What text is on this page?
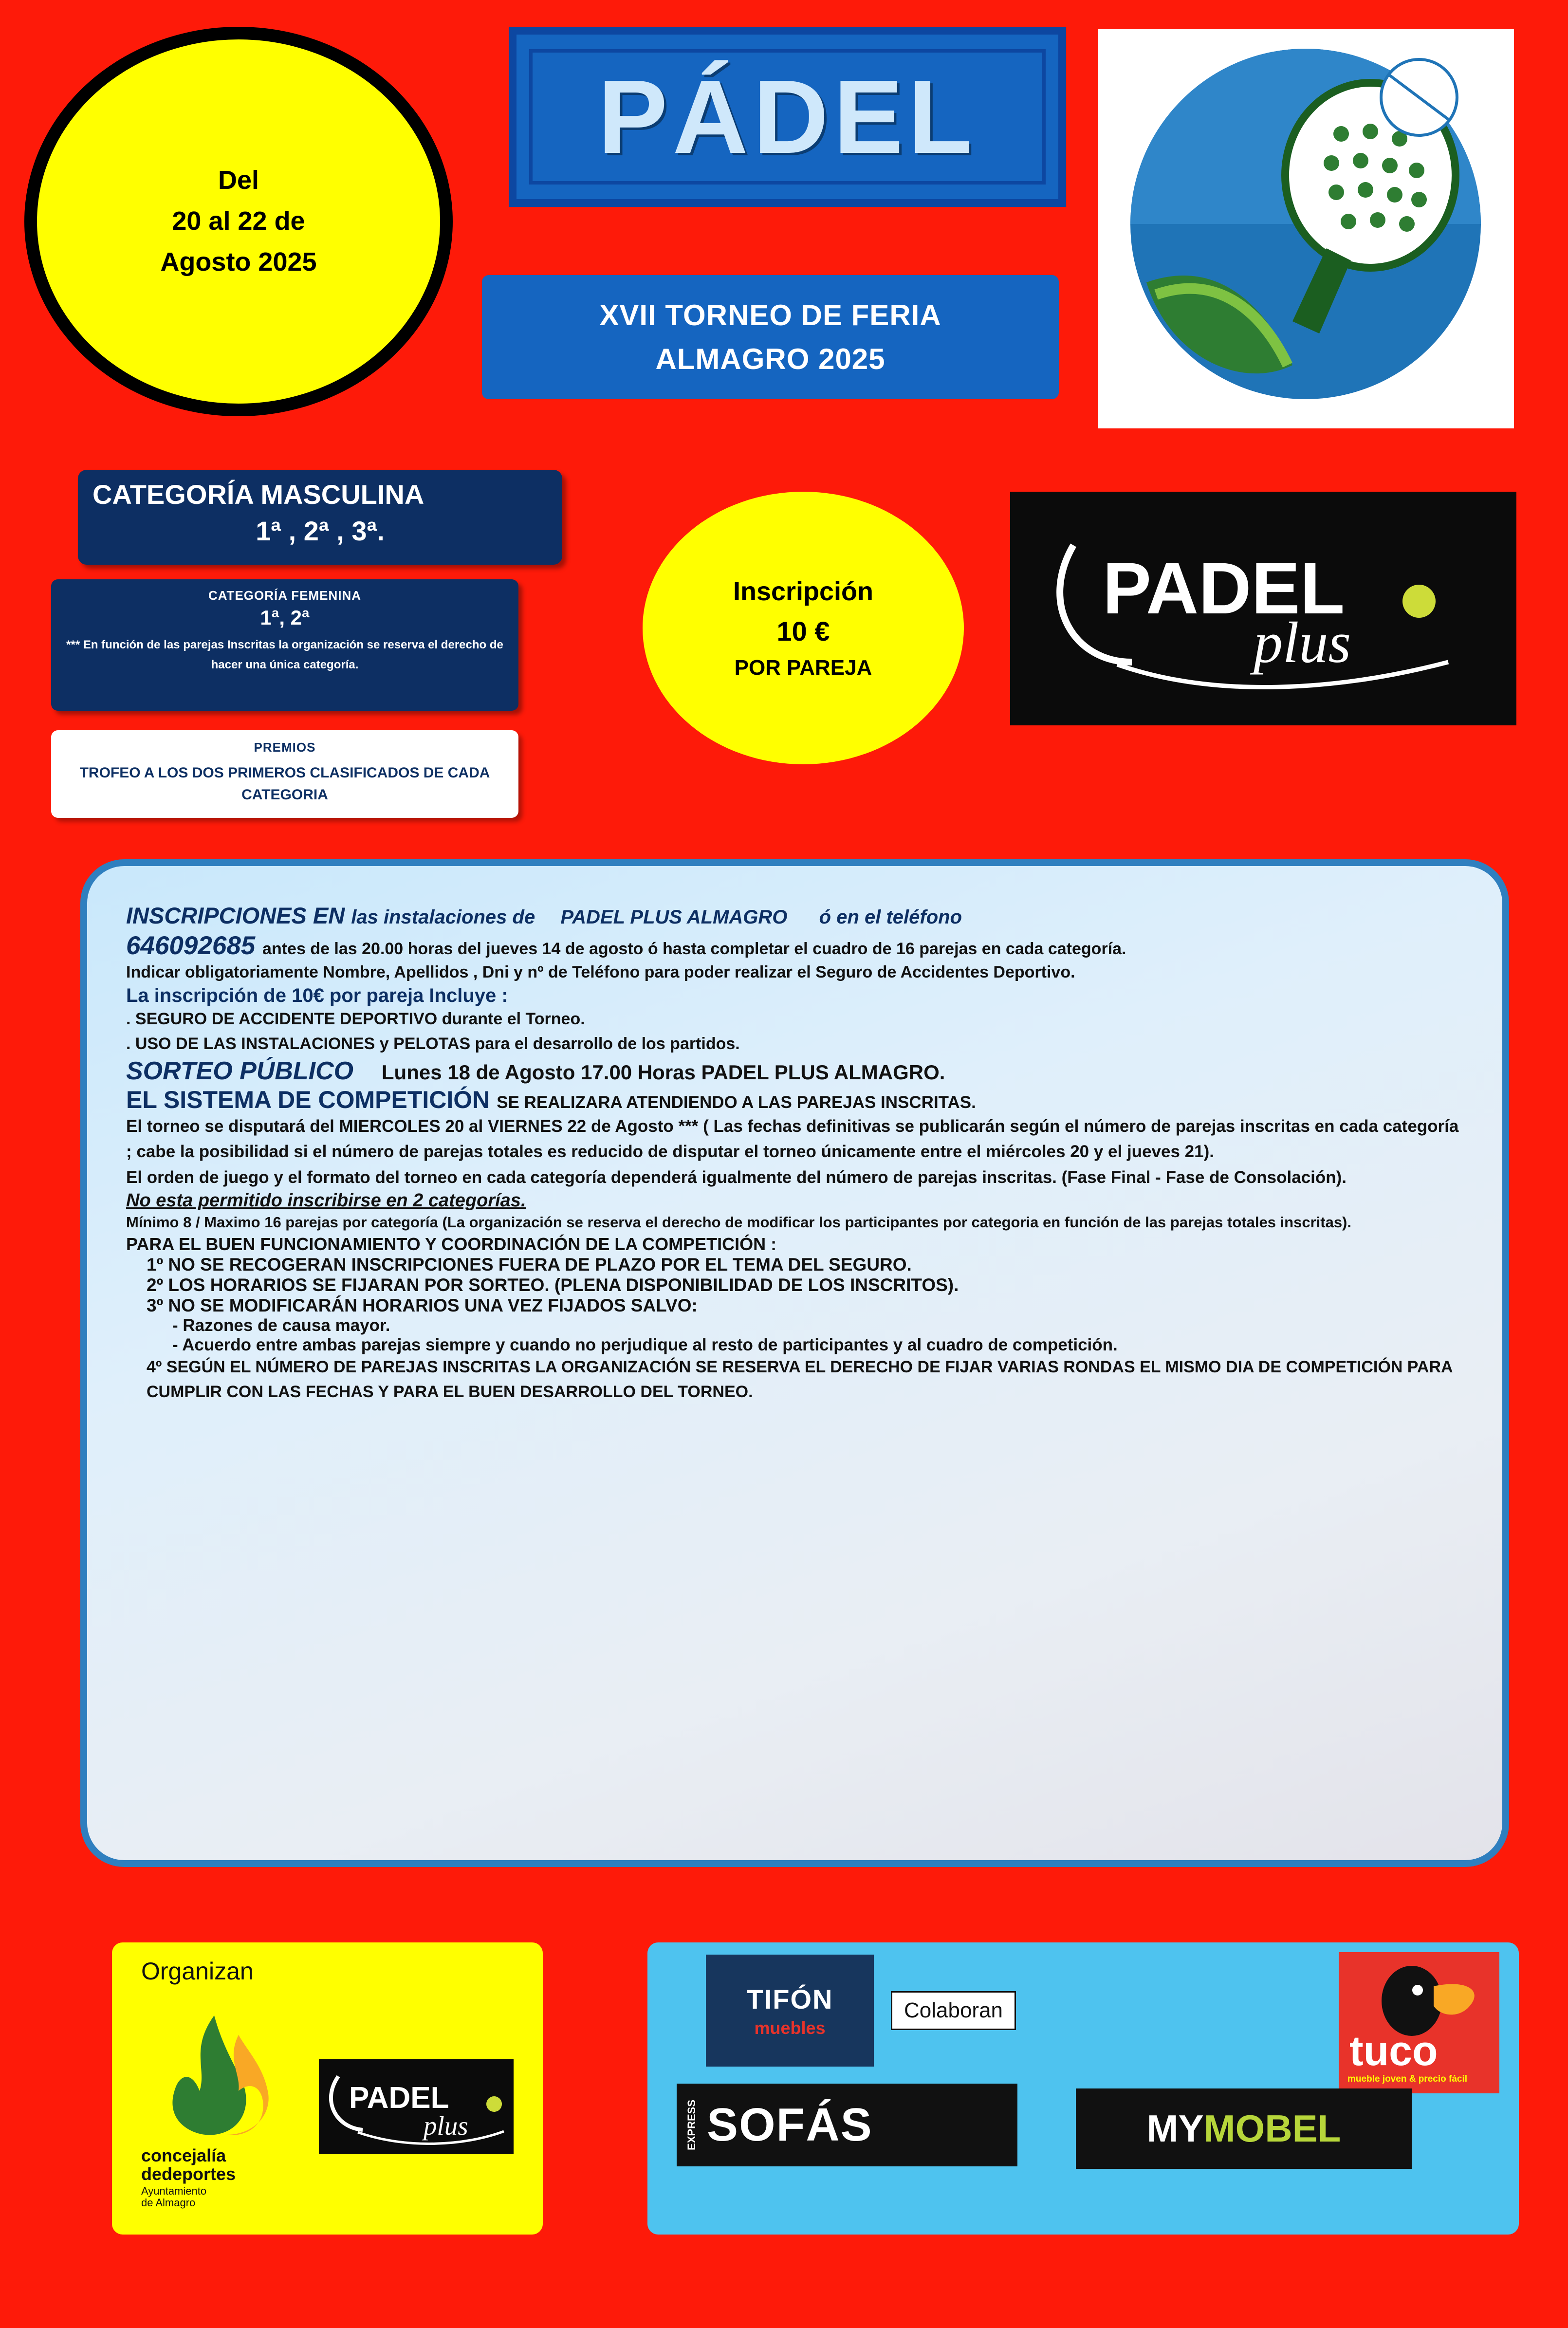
Del
20 al 22 de
Agosto 2025
PÁDEL
XVII TORNEO DE FERIA
ALMAGRO 2025
CATEGORÍA MASCULINA
1ª , 2ª , 3ª.
CATEGORÍA FEMENINA
1ª, 2ª
*** En función de las parejas Inscritas la organización se reserva el derecho de hacer una única categoría.
PREMIOS
TROFEO A LOS DOS PRIMEROS CLASIFICADOS DE CADA CATEGORIA
Inscripción
10 €
POR PAREJA
PADEL
plus

INSCRIPCIONES EN las instalaciones de PADEL PLUS ALMAGRO ó en el teléfono

646092685 antes de las 20.00 horas del jueves 14 de agosto ó hasta completar el cuadro de 16 parejas en cada categoría.

Indicar obligatoriamente Nombre, Apellidos , Dni y nº de Teléfono para poder realizar el Seguro de Accidentes Deportivo.

La inscripción de 10€ por pareja Incluye :

. SEGURO DE ACCIDENTE DEPORTIVO durante el Torneo.

. USO DE LAS INSTALACIONES y PELOTAS para el desarrollo de los partidos.

SORTEO PÚBLICO Lunes 18 de Agosto 17.00 Horas PADEL PLUS ALMAGRO.

EL SISTEMA DE COMPETICIÓN SE REALIZARA ATENDIENDO A LAS PAREJAS INSCRITAS.

El torneo se disputará del MIERCOLES 20 al VIERNES 22 de Agosto *** ( Las fechas definitivas se publicarán según el número de parejas inscritas en cada categoría ; cabe la posibilidad si el número de parejas totales es reducido de disputar el torneo únicamente entre el miércoles 20 y el jueves 21).

El orden de juego y el formato del torneo en cada categoría dependerá igualmente del número de parejas inscritas. (Fase Final - Fase de Consolación).

No esta permitido inscribirse en 2 categorías.

Mínimo 8 / Maximo 16 parejas por categoría (La organización se reserva el derecho de modificar los participantes por categoria en función de las parejas totales inscritas).

PARA EL BUEN FUNCIONAMIENTO Y COORDINACIÓN DE LA COMPETICIÓN :

1º NO SE RECOGERAN INSCRIPCIONES FUERA DE PLAZO POR EL TEMA DEL SEGURO.

2º LOS HORARIOS SE FIJARAN POR SORTEO. (PLENA DISPONIBILIDAD DE LOS INSCRITOS).

3º NO SE MODIFICARÁN HORARIOS UNA VEZ FIJADOS SALVO:

- Razones de causa mayor.

- Acuerdo entre ambas parejas siempre y cuando no perjudique al resto de participantes y al cuadro de competición.

4º SEGÚN EL NÚMERO DE PAREJAS INSCRITAS LA ORGANIZACIÓN SE RESERVA EL DERECHO DE FIJAR VARIAS RONDAS EL MISMO DIA DE COMPETICIÓN PARA CUMPLIR CON LAS FECHAS Y PARA EL BUEN DESARROLLO DEL TORNEO.

Organizan
concejalía
dedeportes
Ayuntamiento
de Almagro
PADEL
plus
TIFÓN
muebles
Colaboran
tuco
mueble joven & precio fácil
EXPRESS SOFÁS	MY MOBEL
